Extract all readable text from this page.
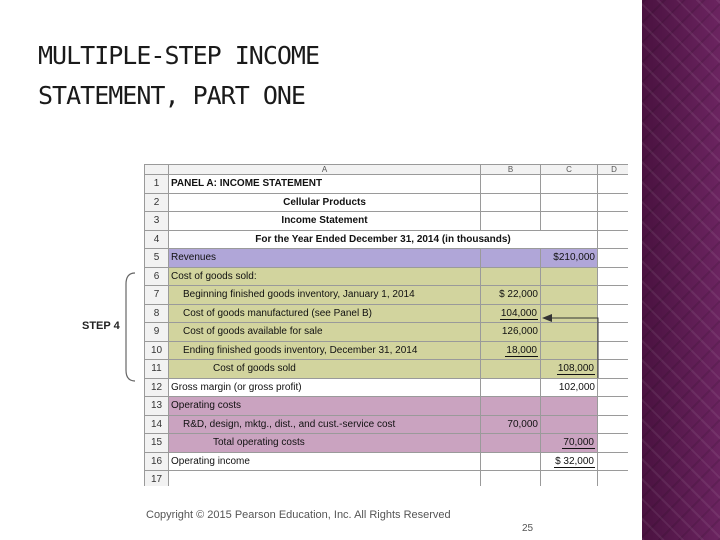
MULTIPLE-STEP INCOME STATEMENT, PART ONE
STEP 4
	A	B	C	D
1	PANEL A: INCOME STATEMENT			
2	Cellular Products			
3	Income Statement			
4	For the Year Ended December 31, 2014 (in thousands)			
5	Revenues		$210,000	
6	Cost of goods sold:			
7	Beginning finished goods inventory, January 1, 2014	$ 22,000		
8	Cost of goods manufactured (see Panel B)	104,000		
9	Cost of goods available for sale	126,000		
10	Ending finished goods inventory, December 31, 2014	18,000		
11	Cost of goods sold		108,000	
12	Gross margin (or gross profit)		102,000	
13	Operating costs			
14	R&D, design, mktg., dist., and cust.-service cost	70,000		
15	Total operating costs		70,000	
16	Operating income		$ 32,000	
17				
Copyright © 2015 Pearson Education, Inc. All Rights Reserved
25
